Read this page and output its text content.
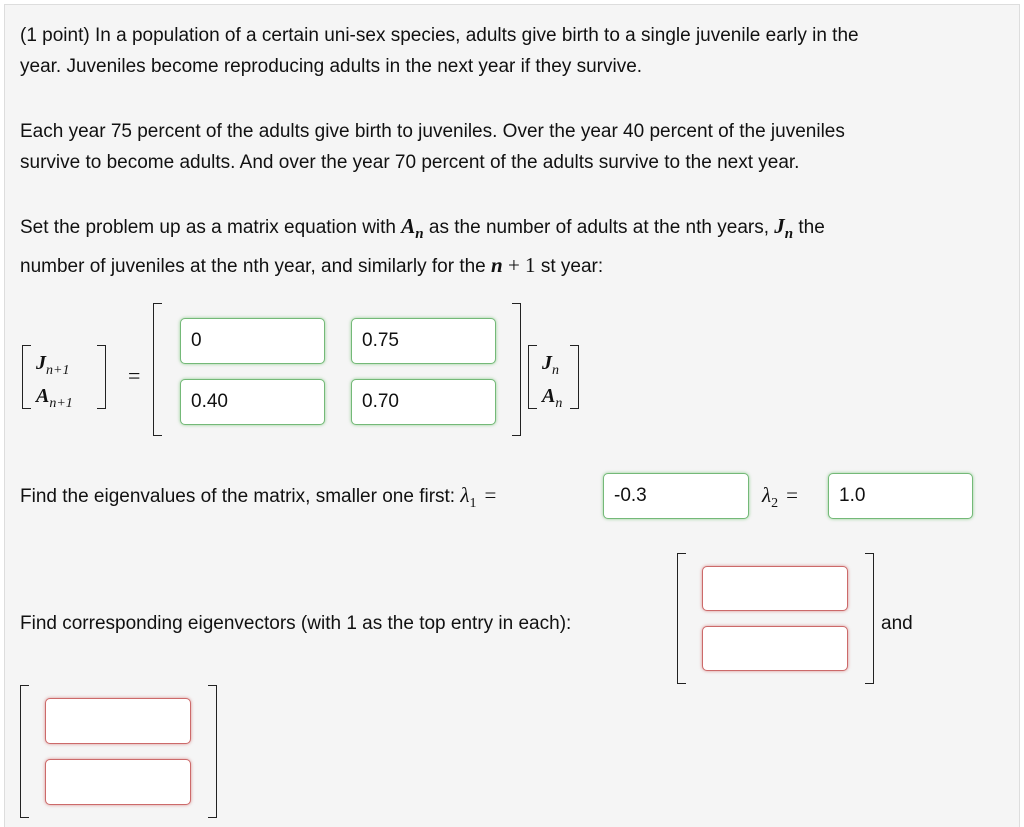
(1 point) In a population of a certain uni-sex species, adults give birth to a single juvenile early in the
year. Juveniles become reproducing adults in the next year if they survive.
Each year 75 percent of the adults give birth to juveniles. Over the year 40 percent of the juveniles
survive to become adults. And over the year 70 percent of the adults survive to the next year.
Set the problem up as a matrix equation with $A_n$ as the number of adults at the nth years, $J_n$ the
number of juveniles at the nth year, and similarly for the n + 1 st year:
$J_{n+1}$
$A_{n+1}$
=
0	0.75
0.40	0.70
$J_n$
$A_n$
Find the eigenvalues of the matrix, smaller one first: $\lambda_1$ =	-0.3	$\lambda_2$ =	1.0
Find corresponding eigenvectors (with 1 as the top entry in each):	and
